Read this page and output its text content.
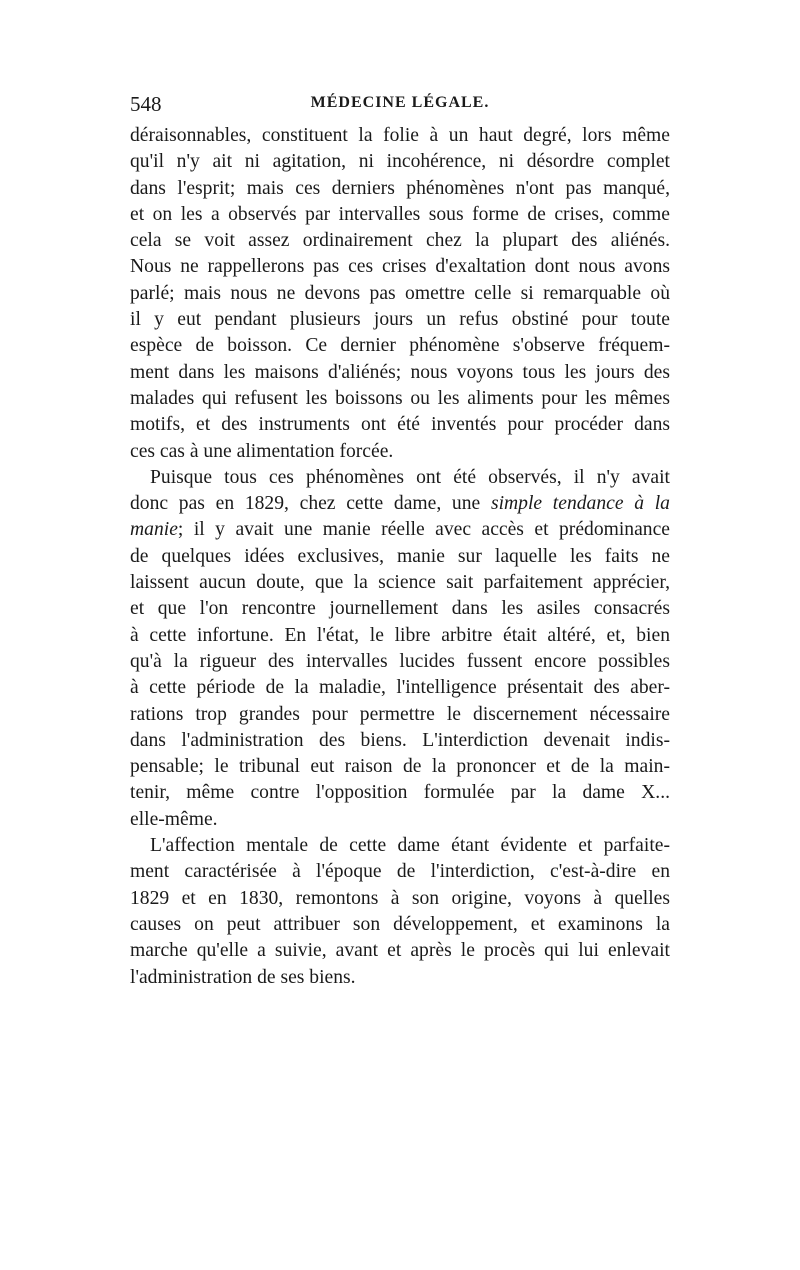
548	MÉDECINE LÉGALE.
déraisonnables, constituent la folie à un haut degré, lors même
qu'il n'y ait ni agitation, ni incohérence, ni désordre complet
dans l'esprit; mais ces derniers phénomènes n'ont pas manqué,
et on les a observés par intervalles sous forme de crises, comme
cela se voit assez ordinairement chez la plupart des aliénés.
Nous ne rappellerons pas ces crises d'exaltation dont nous avons
parlé; mais nous ne devons pas omettre celle si remarquable où
il y eut pendant plusieurs jours un refus obstiné pour toute
espèce de boisson. Ce dernier phénomène s'observe fréquem-
ment dans les maisons d'aliénés; nous voyons tous les jours des
malades qui refusent les boissons ou les aliments pour les mêmes
motifs, et des instruments ont été inventés pour procéder dans
ces cas à une alimentation forcée.
Puisque tous ces phénomènes ont été observés, il n'y avait
donc pas en 1829, chez cette dame, une simple tendance à la
manie; il y avait une manie réelle avec accès et prédominance
de quelques idées exclusives, manie sur laquelle les faits ne
laissent aucun doute, que la science sait parfaitement apprécier,
et que l'on rencontre journellement dans les asiles consacrés
à cette infortune. En l'état, le libre arbitre était altéré, et, bien
qu'à la rigueur des intervalles lucides fussent encore possibles
à cette période de la maladie, l'intelligence présentait des aber-
rations trop grandes pour permettre le discernement nécessaire
dans l'administration des biens. L'interdiction devenait indis-
pensable; le tribunal eut raison de la prononcer et de la main-
tenir, même contre l'opposition formulée par la dame X...
elle-même.
L'affection mentale de cette dame étant évidente et parfaite-
ment caractérisée à l'époque de l'interdiction, c'est-à-dire en
1829 et en 1830, remontons à son origine, voyons à quelles
causes on peut attribuer son développement, et examinons la
marche qu'elle a suivie, avant et après le procès qui lui enlevait
l'administration de ses biens.
